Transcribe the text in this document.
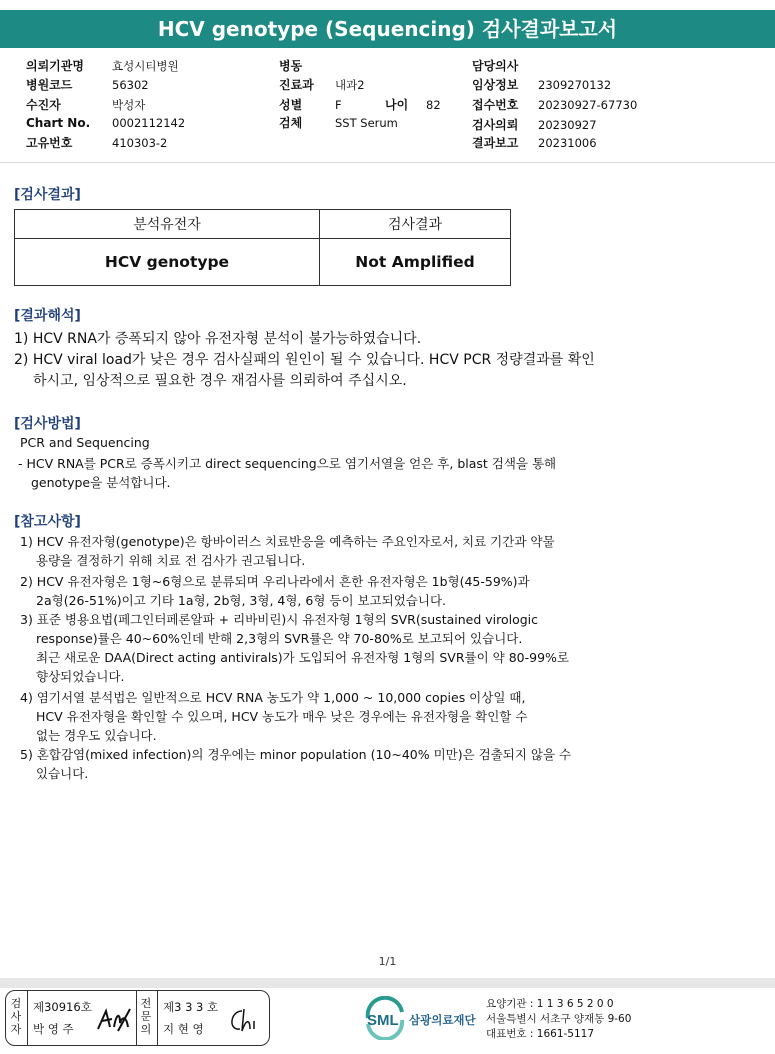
HCV genotype (Sequencing) 검사결과보고서
의뢰기관명 효성시티병원
병원코드	56302
수진자	박성자
Chart No. 0002112142
고유번호	410303-2
병동
진료과 내과2
성별	F
검체	SST Serum
나이 82
담당의사
임상정보 2309270132
접수번호 20230927-67730
검사의뢰 20230927
결과보고 20231006
[검사결과]
분석유전자	검사결과
HCV genotype	Not Amplified
[결과해석]
1) HCV RNA가 증폭되지 않아 유전자형 분석이 불가능하였습니다.
2) HCV viral load가 낮은 경우 검사실패의 원인이 될 수 있습니다. HCV PCR 정량결과를 확인
하시고, 임상적으로 필요한 경우 재검사를 의뢰하여 주십시오.
[검사방법]
PCR and Sequencing
- HCV RNA를 PCR로 증폭시키고 direct sequencing으로 염기서열을 얻은 후, blast 검색을 통해
genotype을 분석합니다.
[참고사항]
1) HCV 유전자형(genotype)은 항바이러스 치료반응을 예측하는 주요인자로서, 치료 기간과 약물
용량을 결정하기 위해 치료 전 검사가 권고됩니다.
2) HCV 유전자형은 1형~6형으로 분류되며 우리나라에서 흔한 유전자형은 1b형(45-59%)과
2a형(26-51%)이고 기타 1a형, 2b형, 3형, 4형, 6형 등이 보고되었습니다.
3) 표준 병용요법(페그인터페론알파 + 리바비린)시 유전자형 1형의 SVR(sustained virologic
response)률은 40~60%인데 반해 2,3형의 SVR률은 약 70-80%로 보고되어 있습니다.
최근 새로운 DAA(Direct acting antivirals)가 도입되어 유전자형 1형의 SVR률이 약 80-99%로
향상되었습니다.
4) 염기서열 분석법은 일반적으로 HCV RNA 농도가 약 1,000 ~ 10,000 copies 이상일 때,
HCV 유전자형을 확인할 수 있으며, HCV 농도가 매우 낮은 경우에는 유전자형을 확인할 수
없는 경우도 있습니다.
5) 혼합감염(mixed infection)의 경우에는 minor population (10~40% 미만)은 검출되지 않을 수
있습니다.
1/1
검사자
제30916호
박 영 주
전문의
제3 3 3 호
지 현 영	SML 삼광의료재단
요양기관 : 1 1 3 6 5 2 0 0
서울특별시 서초구 양재동 9-60
대표번호 : 1661-5117
